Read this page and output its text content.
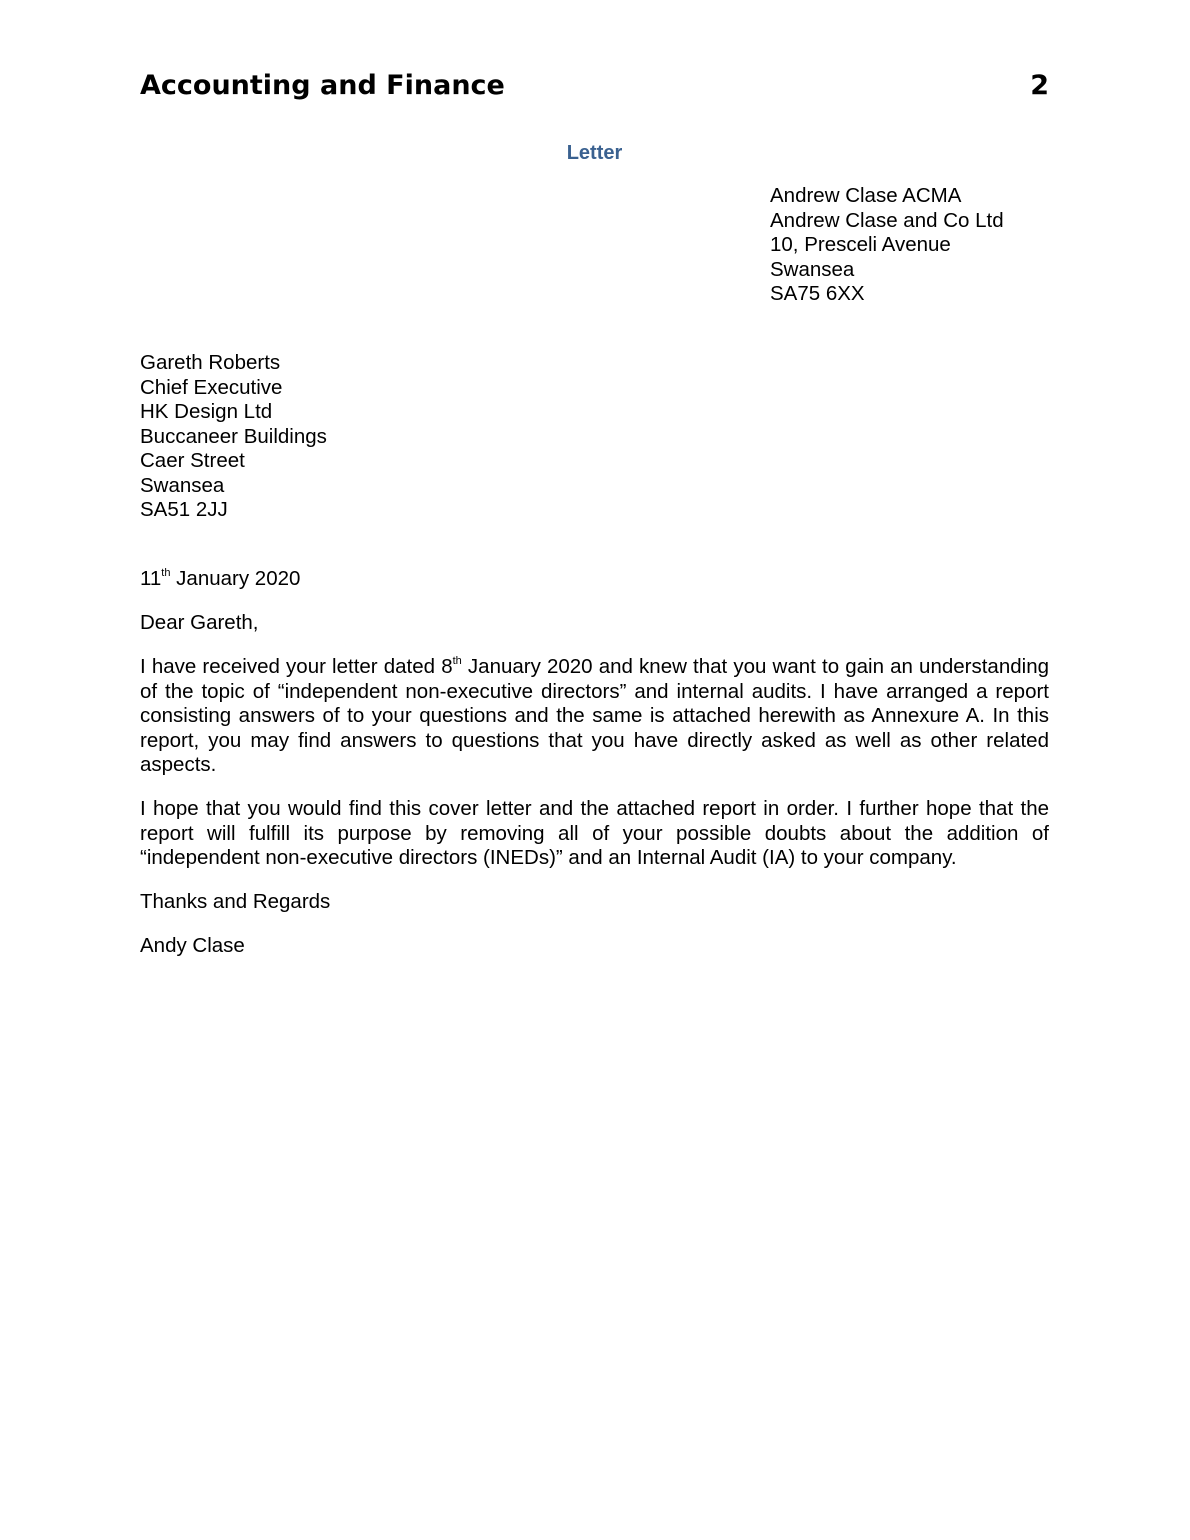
Accounting and Finance	2
Letter
Andrew Clase ACMA
Andrew Clase and Co Ltd
10, Presceli Avenue
Swansea
SA75 6XX
Gareth Roberts
Chief Executive
HK Design Ltd
Buccaneer Buildings
Caer Street
Swansea
SA51 2JJ

11th January 2020

Dear Gareth,

I have received your letter dated 8th January 2020 and knew that you want to gain an understanding of the topic of “independent non-executive directors” and internal audits. I have arranged a report consisting answers of to your questions and the same is attached herewith as Annexure A. In this report, you may find answers to questions that you have directly asked as well as other related aspects.

I hope that you would find this cover letter and the attached report in order. I further hope that the report will fulfill its purpose by removing all of your possible doubts about the addition of “independent non-executive directors (INEDs)” and an Internal Audit (IA) to your company.

Thanks and Regards

Andy Clase
